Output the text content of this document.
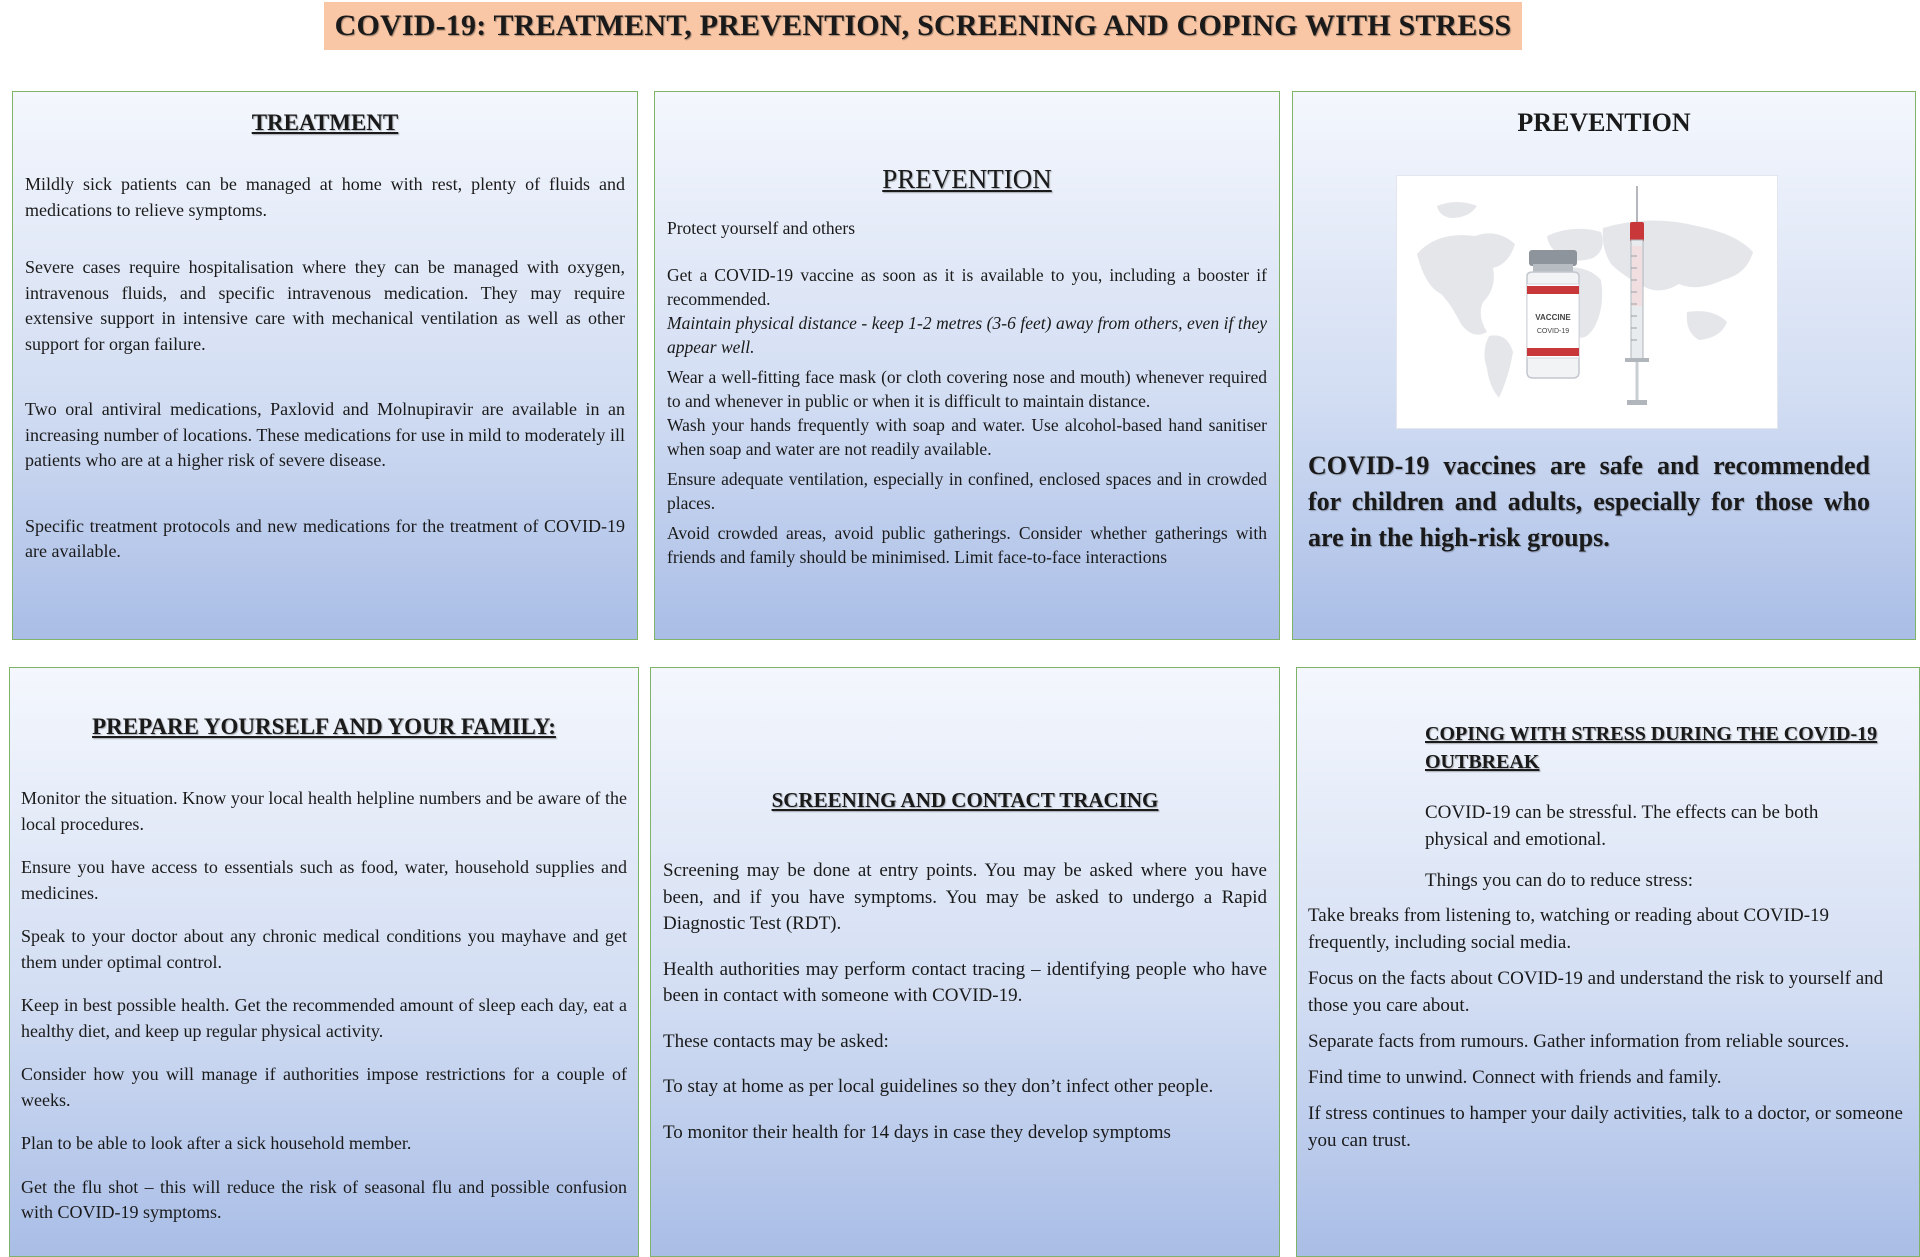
COVID-19: TREATMENT, PREVENTION, SCREENING AND COPING WITH STRESS
TREATMENT

Mildly sick patients can be managed at home with rest, plenty of fluids and medications to relieve symptoms.

Severe cases require hospitalisation where they can be managed with oxygen, intravenous fluids, and specific intravenous medication. They may require extensive support in intensive care with mechanical ventilation as well as other support for organ failure.

Two oral antiviral medications, Paxlovid and Molnupiravir are available in an increasing number of locations. These medications for use in mild to moderately ill patients who are at a higher risk of severe disease.

Specific treatment protocols and new medications for the treatment of COVID-19 are available.

PREVENTION

Protect yourself and others

Get a COVID-19 vaccine as soon as it is available to you, including a booster if recommended.

Maintain physical distance - keep 1-2 metres (3-6 feet) away from others, even if they appear well.

Wear a well-fitting face mask (or cloth covering nose and mouth) whenever required to and whenever in public or when it is difficult to maintain distance.

Wash your hands frequently with soap and water. Use alcohol-based hand sanitiser when soap and water are not readily available.

Ensure adequate ventilation, especially in confined, enclosed spaces and in crowded places.

Avoid crowded areas, avoid public gatherings. Consider whether gatherings with friends and family should be minimised. Limit face-to-face interactions

PREVENTION
VACCINE
COVID-19
COVID-19 vaccines are safe and recommended for children and adults, especially for those who are in the high-risk groups.
PREPARE YOURSELF AND YOUR FAMILY:

Monitor the situation. Know your local health helpline numbers and be aware of the local procedures.

Ensure you have access to essentials such as food, water, household supplies and medicines.

Speak to your doctor about any chronic medical conditions you mayhave and get them under optimal control.

Keep in best possible health. Get the recommended amount of sleep each day, eat a healthy diet, and keep up regular physical activity.

Consider how you will manage if authorities impose restrictions for a couple of weeks.

Plan to be able to look after a sick household member.

Get the flu shot – this will reduce the risk of seasonal flu and possible confusion with COVID-19 symptoms.

SCREENING AND CONTACT TRACING

Screening may be done at entry points. You may be asked where you have been, and if you have symptoms. You may be asked to undergo a Rapid Diagnostic Test (RDT).

Health authorities may perform contact tracing – identifying people who have been in contact with someone with COVID-19.

These contacts may be asked:

To stay at home as per local guidelines so they don’t infect other people.

To monitor their health for 14 days in case they develop symptoms

COPING WITH STRESS DURING THE COVID-19 OUTBREAK
COVID-19 can be stressful. The effects can be both physical and emotional.
Things you can do to reduce stress:

Take breaks from listening to, watching or reading about COVID-19 frequently, including social media.

Focus on the facts about COVID-19 and understand the risk to yourself and those you care about.

Separate facts from rumours. Gather information from reliable sources.

Find time to unwind. Connect with friends and family.

If stress continues to hamper your daily activities, talk to a doctor, or someone you can trust.
